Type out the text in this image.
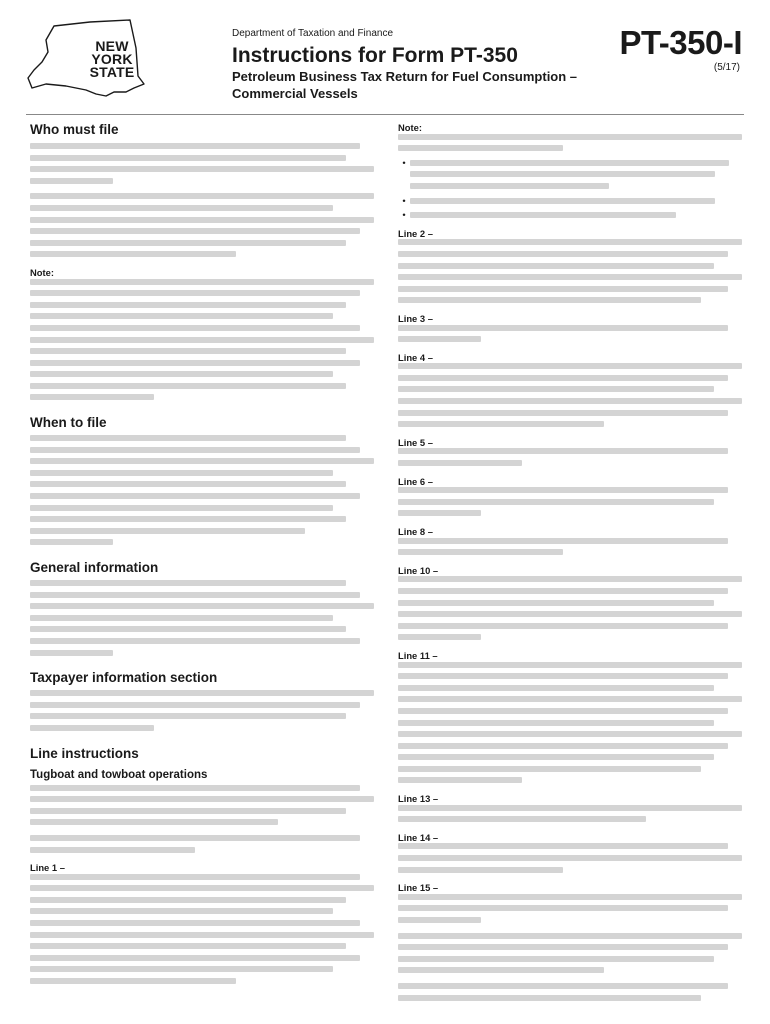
NEW
YORK
STATE
Department of Taxation and Finance
Instructions for Form PT-350
Petroleum Business Tax Return for Fuel Consumption – Commercial Vessels
PT-350-I
(5/17)

Who must file

Note:

When to file

General information

Taxpayer information section

Line instructions

Tugboat and towboat operations

Line 1 –

Note:

•
•
•

Line 2 –

Line 3 –

Line 4 –

Line 5 –

Line 6 –

Line 8 –

Line 10 –

Line 11 –

Line 13 –

Line 14 –

Line 15 –
